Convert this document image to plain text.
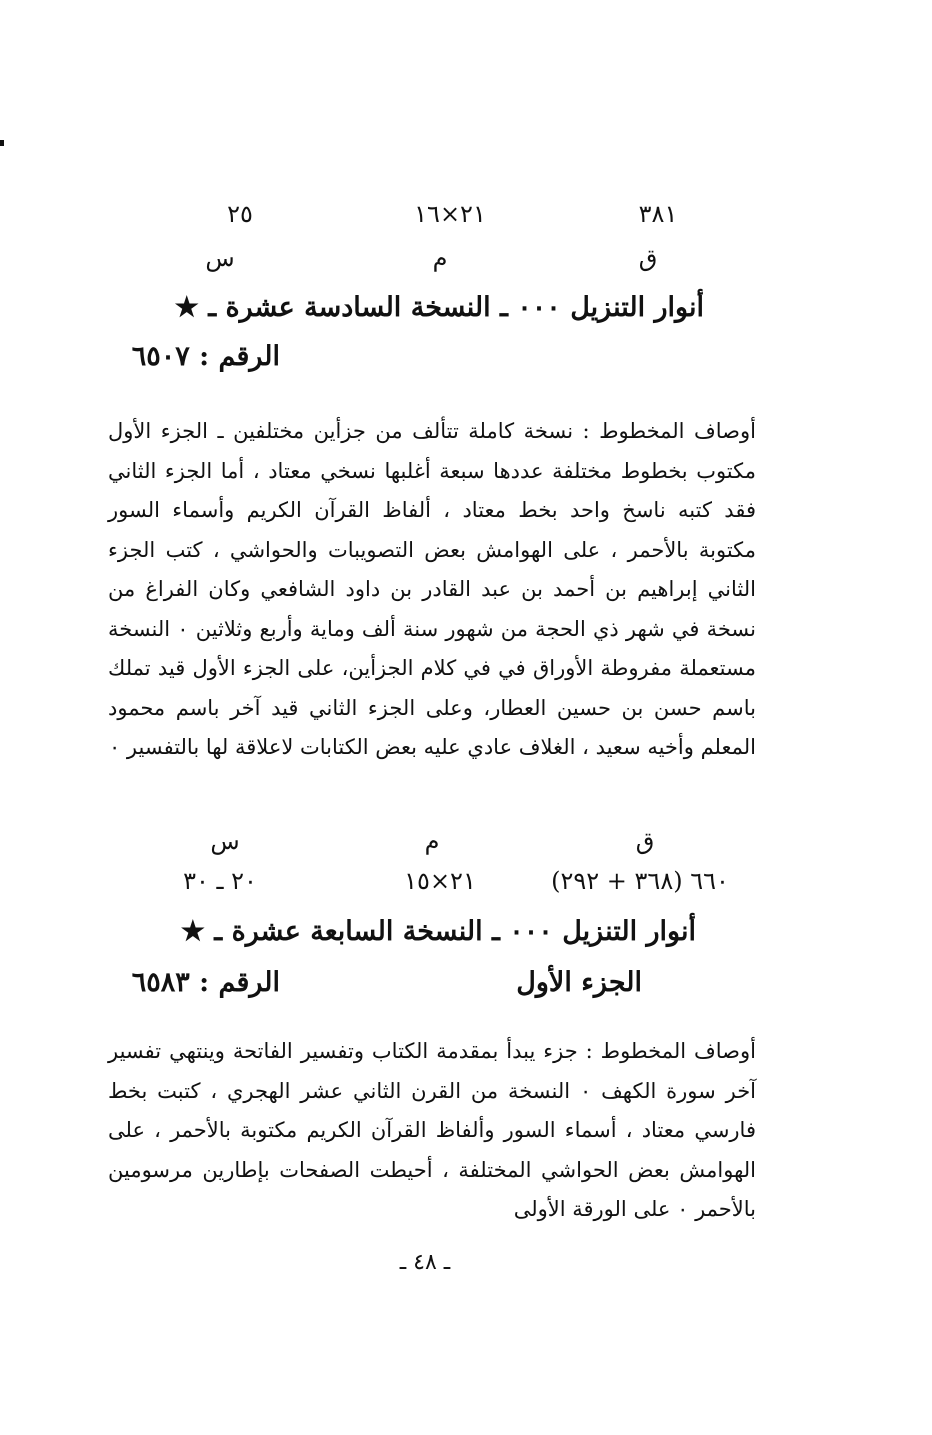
٣٨١
٢١×١٦
٢٥
ق
م
س
أنوار التنزيل ٠٠٠ ـ النسخة السادسة عشرة ـ ★
الرقم : ٦٥٠٧

أوصاف المخطوط : نسخة كاملة تتألف من جزأين مختلفين ـ الجزء الأول مكتوب بخطوط مختلفة عددها سبعة أغلبها نسخي معتاد ، أما الجزء الثاني فقد كتبه ناسخ واحد بخط معتاد ، ألفاظ القرآن الكريم وأسماء السور مكتوبة بالأحمر ، على الهوامش بعض التصويبات والحواشي ، كتب الجزء الثاني إبراهيم بن أحمد بن عبد القادر بن داود الشافعي وكان الفراغ من نسخة في شهر ذي الحجة من شهور سنة ألف وماية وأربع وثلاثين ٠ النسخة مستعملة مفروطة الأوراق في في كلام الجزأين، على الجزء الأول قيد تملك باسم حسن بن حسين العطار، وعلى الجزء الثاني قيد آخر باسم محمود المعلم وأخيه سعيد ، الغلاف عادي عليه بعض الكتابات لاعلاقة لها بالتفسير ٠

ق
م
س
٦٦٠ (٣٦٨ + ٢٩٢)
٢١×١٥
٢٠ ـ ٣٠
أنوار التنزيل ٠٠٠ ـ النسخة السابعة عشرة ـ ★
الجزء الأول
الرقم : ٦٥٨٣

أوصاف المخطوط : جزء يبدأ بمقدمة الكتاب وتفسير الفاتحة وينتهي تفسير آخر سورة الكهف ٠ النسخة من القرن الثاني عشر الهجري ، كتبت بخط فارسي معتاد ، أسماء السور وألفاظ القرآن الكريم مكتوبة بالأحمر ، على الهوامش بعض الحواشي المختلفة ، أحيطت الصفحات بإطارين مرسومين بالأحمر ٠ على الورقة الأولى

ـ ٤٨ ـ
